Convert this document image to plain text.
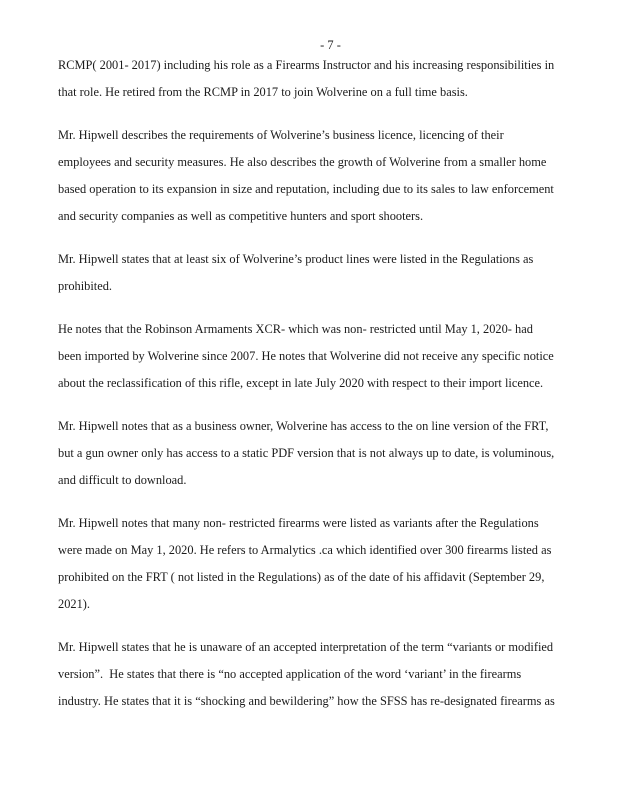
- 7 -

RCMP( 2001- 2017) including his role as a Firearms Instructor and his increasing responsibilities in
that role. He retired from the RCMP in 2017 to join Wolverine on a full time basis.

Mr. Hipwell describes the requirements of Wolverine’s business licence, licencing of their
employees and security measures. He also describes the growth of Wolverine from a smaller home
based operation to its expansion in size and reputation, including due to its sales to law enforcement
and security companies as well as competitive hunters and sport shooters.

Mr. Hipwell states that at least six of Wolverine’s product lines were listed in the Regulations as
prohibited.

He notes that the Robinson Armaments XCR- which was non- restricted until May 1, 2020- had
been imported by Wolverine since 2007. He notes that Wolverine did not receive any specific notice
about the reclassification of this rifle, except in late July 2020 with respect to their import licence.

Mr. Hipwell notes that as a business owner, Wolverine has access to the on line version of the FRT,
but a gun owner only has access to a static PDF version that is not always up to date, is voluminous,
and difficult to download.

Mr. Hipwell notes that many non- restricted firearms were listed as variants after the Regulations
were made on May 1, 2020. He refers to Armalytics .ca which identified over 300 firearms listed as
prohibited on the FRT ( not listed in the Regulations) as of the date of his affidavit (September 29,
2021).

Mr. Hipwell states that he is unaware of an accepted interpretation of the term “variants or modified
version”.  He states that there is “no accepted application of the word ‘variant’ in the firearms
industry. He states that it is “shocking and bewildering” how the SFSS has re-designated firearms as
